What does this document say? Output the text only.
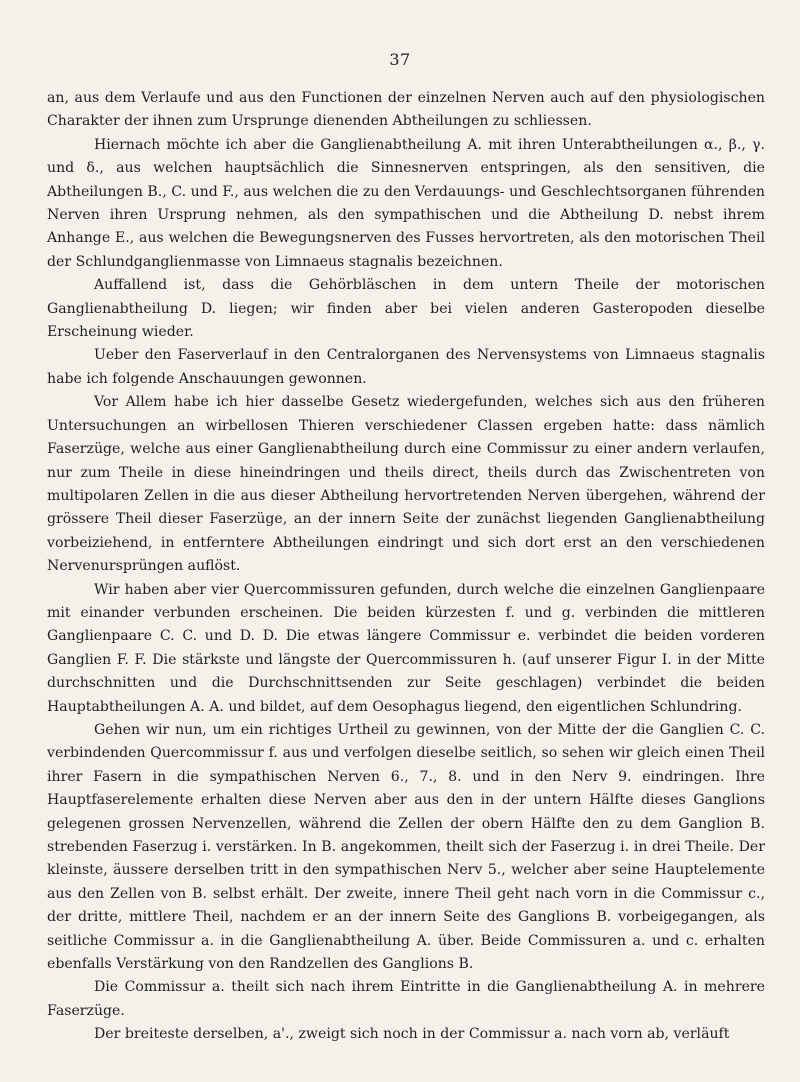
37

an, aus dem Verlaufe und aus den Functionen der einzelnen Nerven auch auf den physiologischen Charakter der ihnen zum Ursprunge dienenden Abtheilungen zu schliessen.

Hiernach möchte ich aber die Ganglienabtheilung A. mit ihren Unterabtheilungen α., β., γ. und δ., aus welchen hauptsächlich die Sinnesnerven entspringen, als den sensitiven, die Abtheilungen B., C. und F., aus welchen die zu den Verdauungs- und Geschlechtsorganen führenden Nerven ihren Ursprung nehmen, als den sympathischen und die Abtheilung D. nebst ihrem Anhange E., aus welchen die Bewegungsnerven des Fusses hervortreten, als den motorischen Theil der Schlundganglienmasse von Limnaeus stagnalis bezeichnen.

Auffallend ist, dass die Gehörbläschen in dem untern Theile der motorischen Ganglienabtheilung D. liegen; wir finden aber bei vielen anderen Gasteropoden dieselbe Erscheinung wieder.

Ueber den Faserverlauf in den Centralorganen des Nervensystems von Limnaeus stagnalis habe ich folgende Anschauungen gewonnen.

Vor Allem habe ich hier dasselbe Gesetz wiedergefunden, welches sich aus den früheren Untersuchungen an wirbellosen Thieren verschiedener Classen ergeben hatte: dass nämlich Faserzüge, welche aus einer Ganglienabtheilung durch eine Commissur zu einer andern verlaufen, nur zum Theile in diese hineindringen und theils direct, theils durch das Zwischentreten von multipolaren Zellen in die aus dieser Abtheilung hervortretenden Nerven übergehen, während der grössere Theil dieser Faserzüge, an der innern Seite der zunächst liegenden Ganglienabtheilung vorbeiziehend, in entferntere Abtheilungen eindringt und sich dort erst an den verschiedenen Nervenursprüngen auflöst.

Wir haben aber vier Quercommissuren gefunden, durch welche die einzelnen Ganglienpaare mit einander verbunden erscheinen. Die beiden kürzesten f. und g. verbinden die mittleren Ganglienpaare C. C. und D. D. Die etwas längere Commissur e. verbindet die beiden vorderen Ganglien F. F. Die stärkste und längste der Quercommissuren h. (auf unserer Figur I. in der Mitte durchschnitten und die Durchschnittsenden zur Seite geschlagen) verbindet die beiden Hauptabtheilungen A. A. und bildet, auf dem Oesophagus liegend, den eigentlichen Schlundring.

Gehen wir nun, um ein richtiges Urtheil zu gewinnen, von der Mitte der die Ganglien C. C. verbindenden Quercommissur f. aus und verfolgen dieselbe seitlich, so sehen wir gleich einen Theil ihrer Fasern in die sympathischen Nerven 6., 7., 8. und in den Nerv 9. eindringen. Ihre Hauptfaserelemente erhalten diese Nerven aber aus den in der untern Hälfte dieses Ganglions gelegenen grossen Nervenzellen, während die Zellen der obern Hälfte den zu dem Ganglion B. strebenden Faserzug i. verstärken. In B. angekommen, theilt sich der Faserzug i. in drei Theile. Der kleinste, äussere derselben tritt in den sympathischen Nerv 5., welcher aber seine Hauptelemente aus den Zellen von B. selbst erhält. Der zweite, innere Theil geht nach vorn in die Commissur c., der dritte, mittlere Theil, nachdem er an der innern Seite des Ganglions B. vorbeigegangen, als seitliche Commissur a. in die Ganglienabtheilung A. über. Beide Commissuren a. und c. erhalten ebenfalls Verstärkung von den Randzellen des Ganglions B.

Die Commissur a. theilt sich nach ihrem Eintritte in die Ganglienabtheilung A. in mehrere Faserzüge.

Der breiteste derselben, a'., zweigt sich noch in der Commissur a. nach vorn ab, verläuft
